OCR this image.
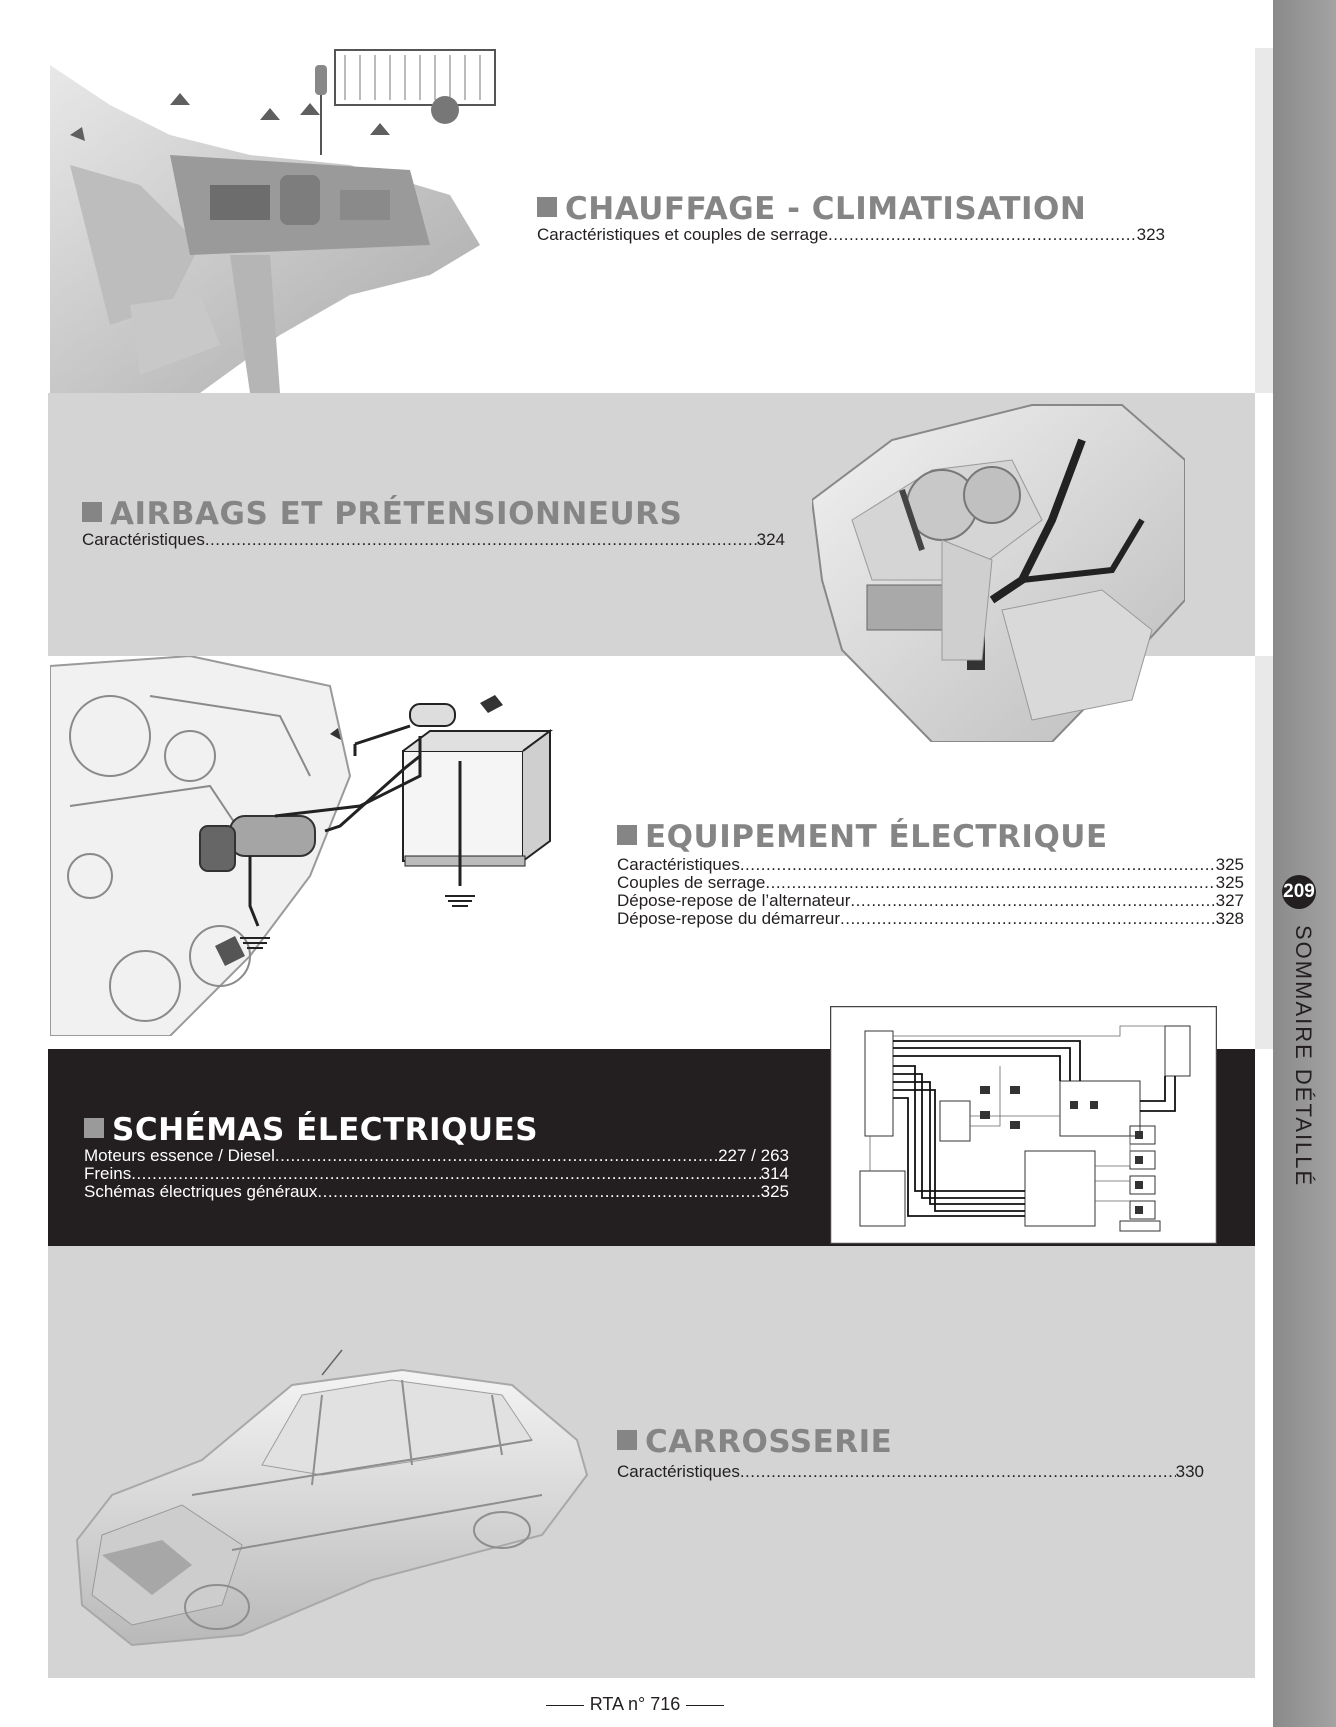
209
SOMMAIRE DÉTAILLÉ
CHAUFFAGE - CLIMATISATION
Caractéristiques et couples de serrage .....	323
AIRBAGS ET PRÉTENSIONNEURS
Caractéristiques .....	324
EQUIPEMENT ÉLECTRIQUE
Caractéristiques .....	325
Couples de serrage .....	325
Dépose-repose de l’alternateur .....	327
Dépose-repose du démarreur .....	328
SCHÉMAS ÉLECTRIQUES
Moteurs essence / Diesel .....	227 / 263
Freins .....	314
Schémas électriques généraux .....	325
CARROSSERIE
Caractéristiques .....	330
RTA n° 716
